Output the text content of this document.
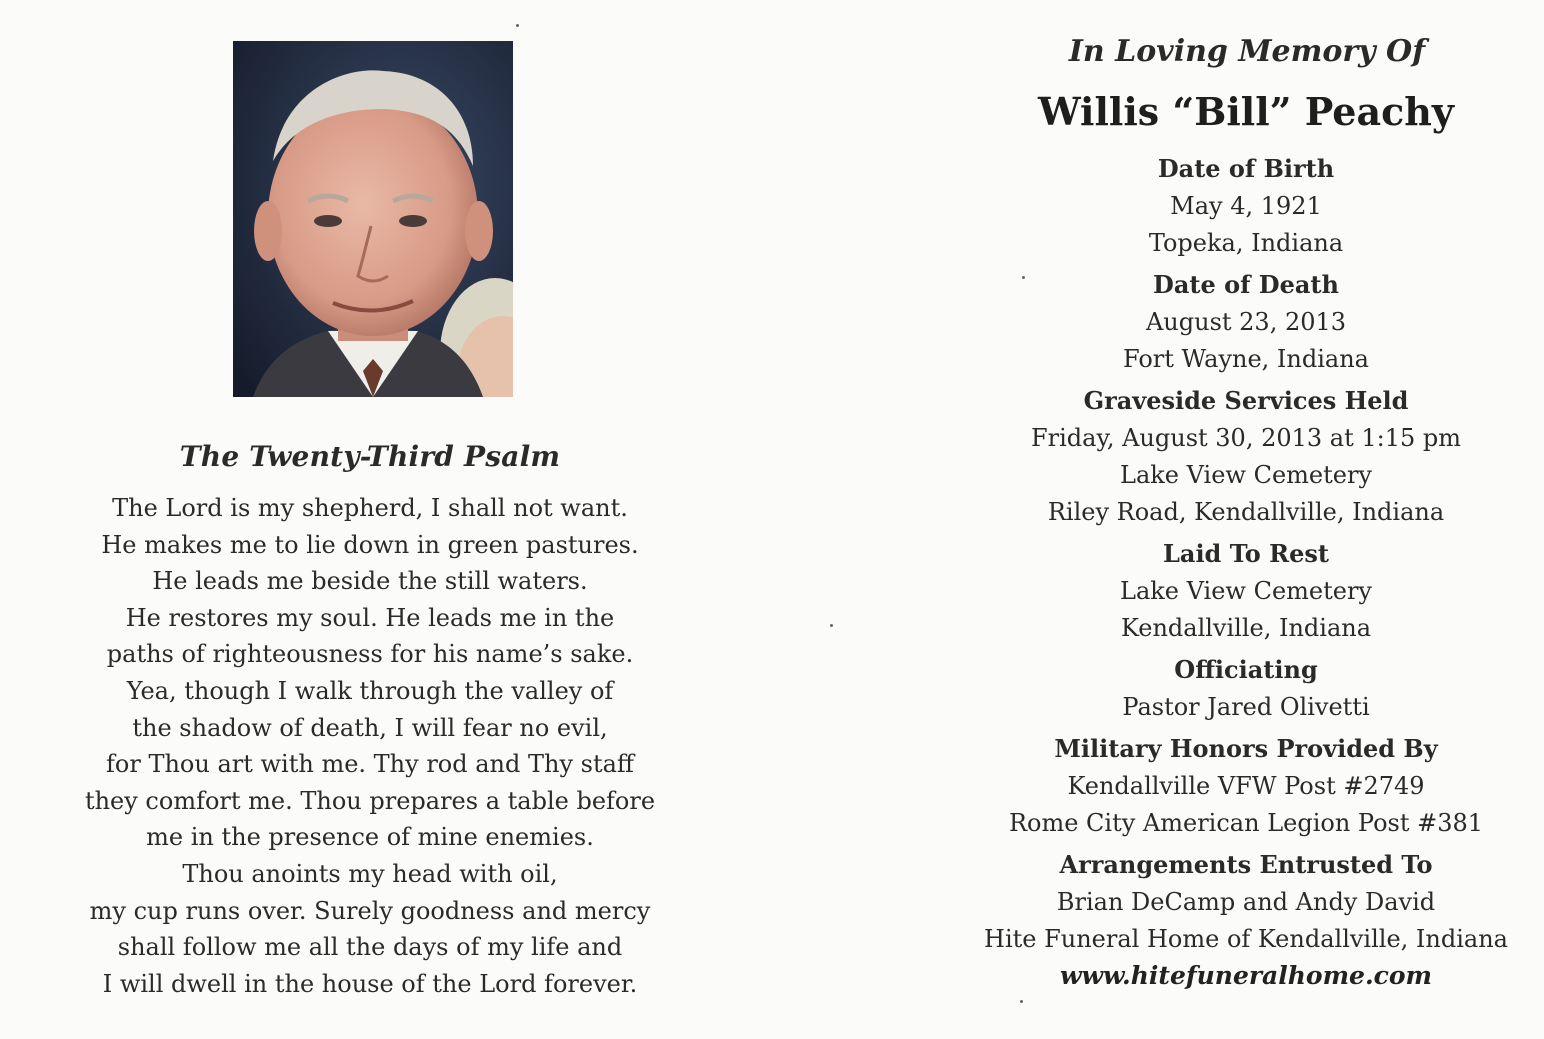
The Twenty-Third Psalm
The Lord is my shepherd, I shall not want.
He makes me to lie down in green pastures.
He leads me beside the still waters.
He restores my soul. He leads me in the
paths of righteousness for his name’s sake.
Yea, though I walk through the valley of
the shadow of death, I will fear no evil,
for Thou art with me. Thy rod and Thy staff
they comfort me. Thou prepares a table before
me in the presence of mine enemies.
Thou anoints my head with oil,
my cup runs over. Surely goodness and mercy
shall follow me all the days of my life and
I will dwell in the house of the Lord forever.
In Loving Memory Of
Willis “Bill” Peachy
Date of Birth
May 4, 1921
Topeka, Indiana
Date of Death
August 23, 2013
Fort Wayne, Indiana
Graveside Services Held
Friday, August 30, 2013 at 1:15 pm
Lake View Cemetery
Riley Road, Kendallville, Indiana
Laid To Rest
Lake View Cemetery
Kendallville, Indiana
Officiating
Pastor Jared Olivetti
Military Honors Provided By
Kendallville VFW Post #2749
Rome City American Legion Post #381
Arrangements Entrusted To
Brian DeCamp and Andy David
Hite Funeral Home of Kendallville, Indiana
www.hitefuneralhome.com
